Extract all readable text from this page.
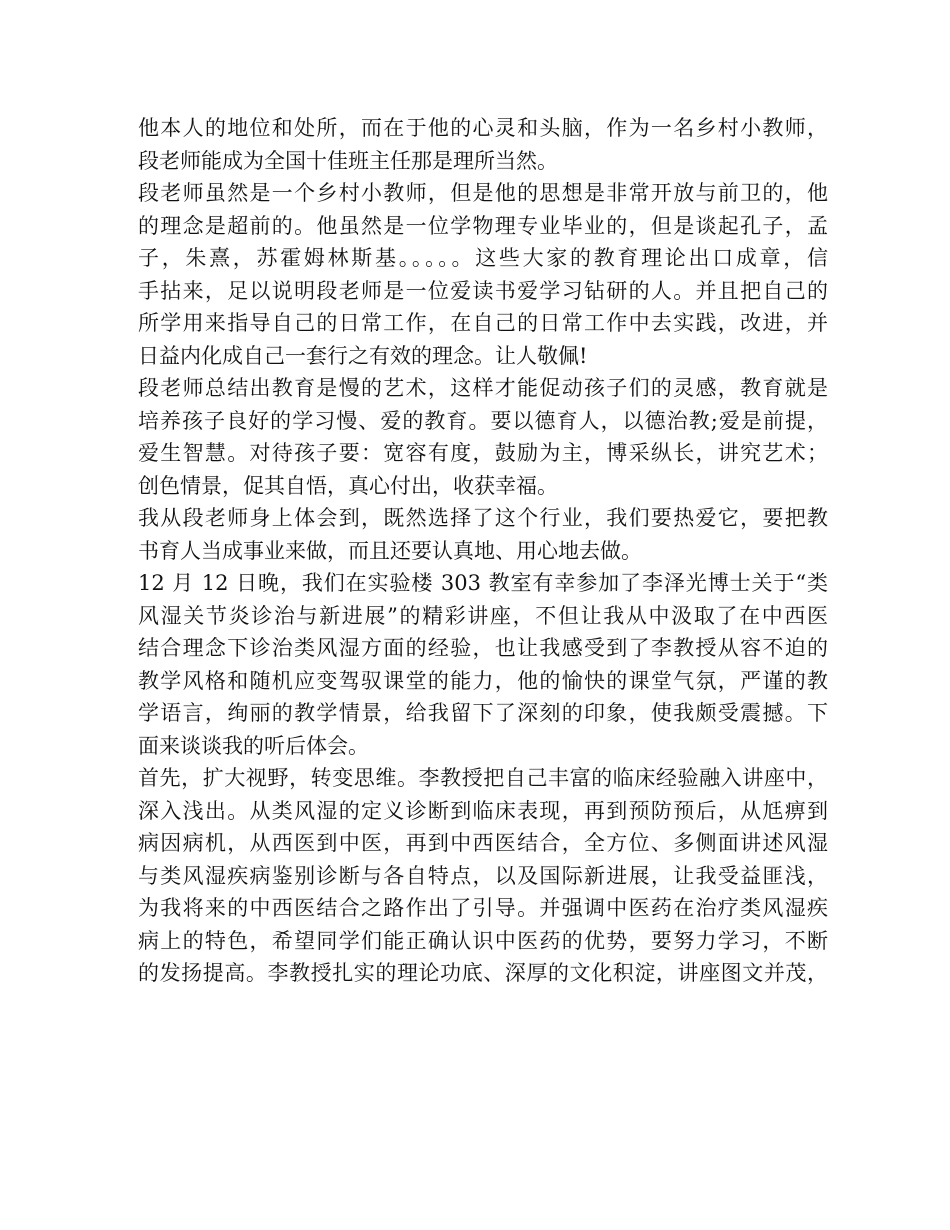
他本人的地位和处所，而在于他的心灵和头脑，作为一名乡村小教师，
段老师能成为全国十佳班主任那是理所当然。
段老师虽然是一个乡村小教师，但是他的思想是非常开放与前卫的，他
的理念是超前的。他虽然是一位学物理专业毕业的，但是谈起孔子，孟
子，朱熹，苏霍姆林斯基。。。。。这些大家的教育理论出口成章，信
手拈来，足以说明段老师是一位爱读书爱学习钻研的人。并且把自己的
所学用来指导自己的日常工作，在自己的日常工作中去实践，改进，并
日益内化成自己一套行之有效的理念。让人敬佩!
段老师总结出教育是慢的艺术，这样才能促动孩子们的灵感，教育就是
培养孩子良好的学习慢、爱的教育。要以德育人，以德治教;爱是前提，
爱生智慧。对待孩子要：宽容有度，鼓励为主，博采纵长，讲究艺术；
创色情景，促其自悟，真心付出，收获幸福。
我从段老师身上体会到，既然选择了这个行业，我们要热爱它，要把教
书育人当成事业来做，而且还要认真地、用心地去做。
12 月 12 日晚，我们在实验楼 303 教室有幸参加了李泽光博士关于“类
风湿关节炎诊治与新进展”的精彩讲座，不但让我从中汲取了在中西医
结合理念下诊治类风湿方面的经验，也让我感受到了李教授从容不迫的
教学风格和随机应变驾驭课堂的能力，他的愉快的课堂气氛，严谨的教
学语言，绚丽的教学情景，给我留下了深刻的印象，使我颇受震撼。下
面来谈谈我的听后体会。
首先，扩大视野，转变思维。李教授把自己丰富的临床经验融入讲座中，
深入浅出。从类风湿的定义诊断到临床表现，再到预防预后，从尪痹到
病因病机，从西医到中医，再到中西医结合，全方位、多侧面讲述风湿
与类风湿疾病鉴别诊断与各自特点，以及国际新进展，让我受益匪浅，
为我将来的中西医结合之路作出了引导。并强调中医药在治疗类风湿疾
病上的特色，希望同学们能正确认识中医药的优势，要努力学习，不断
的发扬提高。李教授扎实的理论功底、深厚的文化积淀，讲座图文并茂，
